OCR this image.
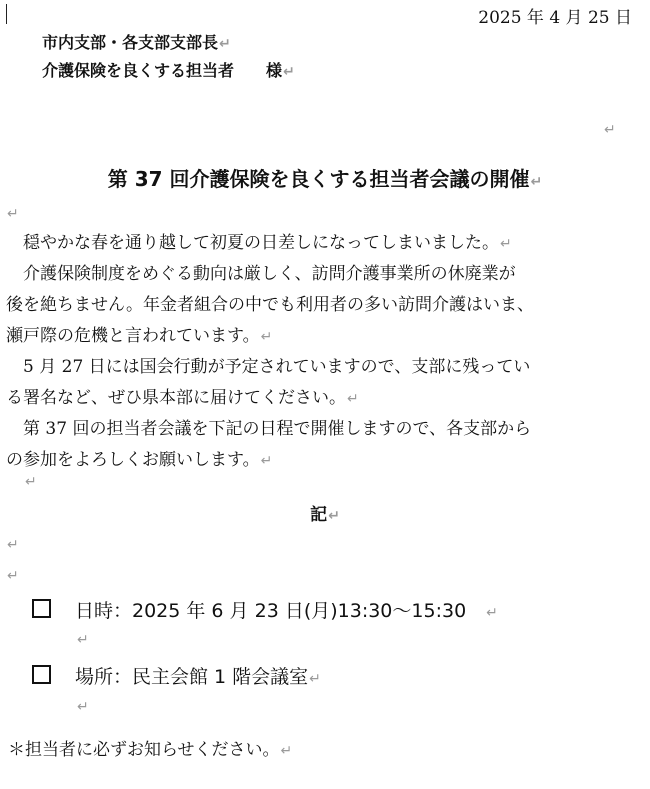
2025 年 4 月 25 日
市内支部・各支部支部長↵
介護保険を良くする担当者　　様↵
↵
第 37 回介護保険を良くする担当者会議の開催↵
↵
　穏やかな春を通り越して初夏の日差しになってしまいました。↵
　介護保険制度をめぐる動向は厳しく、訪問介護事業所の休廃業が
後を絶ちません。年金者組合の中でも利用者の多い訪問介護はいま、
瀬戸際の危機と言われています。↵
　5 月 27 日には国会行動が予定されていますので、支部に残ってい
る署名など、ぜひ県本部に届けてください。↵
　第 37 回の担当者会議を下記の日程で開催しますので、各支部から
の参加をよろしくお願いします。↵
↵
記↵
↵
↵
日時：2025 年 6 月 23 日(月)13:30〜15:30 ↵
↵
場所：民主会館 1 階会議室↵
↵
＊担当者に必ずお知らせください。↵
